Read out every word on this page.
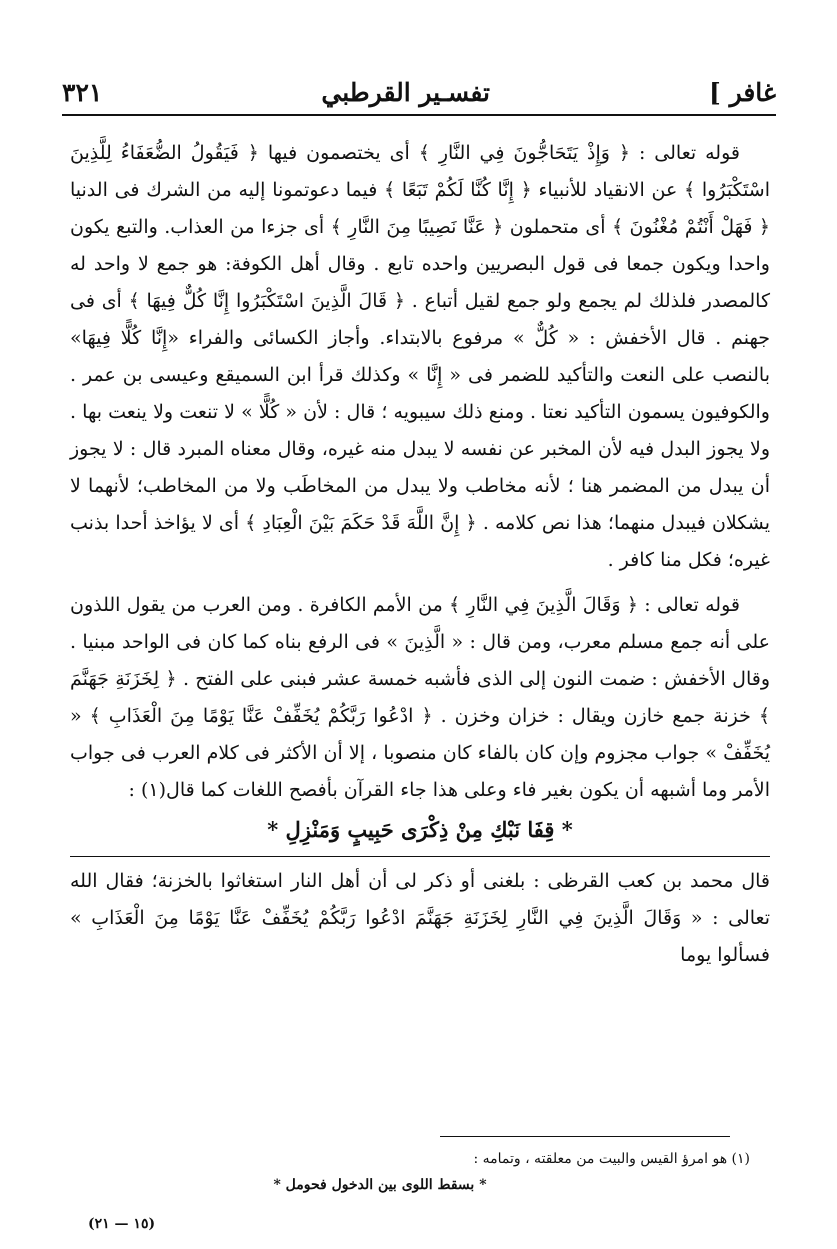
غافر ]
تفسـير القرطبي
٣٢١

قوله تعالى : ﴿ وَإِذْ يَتَحَاجُّونَ فِي النَّارِ ﴾ أى يختصمون فيها ﴿ فَيَقُولُ الضُّعَفَاءُ لِلَّذِينَ اسْتَكْبَرُوا ﴾ عن الانقياد للأنبياء ﴿ إِنَّا كُنَّا لَكُمْ تَبَعًا ﴾ فيما دعوتمونا إليه من الشرك فى الدنيا ﴿ فَهَلْ أَنْتُمْ مُغْنُونَ ﴾ أى متحملون ﴿ عَنَّا نَصِيبًا مِنَ النَّارِ ﴾ أى جزءا من العذاب. والتبع يكون واحدا ويكون جمعا فى قول البصريين واحده تابع . وقال أهل الكوفة: هو جمع لا واحد له كالمصدر فلذلك لم يجمع ولو جمع لقيل أتباع . ﴿ قَالَ الَّذِينَ اسْتَكْبَرُوا إِنَّا كُلٌّ فِيهَا ﴾ أى فى جهنم . قال الأخفش : « كُلٌّ » مرفوع بالابتداء. وأجاز الكسائى والفراء «إِنَّا كُلًّا فِيهَا» بالنصب على النعت والتأكيد للضمر فى « إِنَّا » وكذلك قرأ ابن السميقع وعيسى بن عمر . والكوفيون يسمون التأكيد نعتا . ومنع ذلك سيبويه ؛ قال : لأن « كُلًّا » لا تنعت ولا ينعت بها . ولا يجوز البدل فيه لأن المخبر عن نفسه لا يبدل منه غيره، وقال معناه المبرد قال : لا يجوز أن يبدل من المضمر هنا ؛ لأنه مخاطب ولا يبدل من المخاطَب ولا من المخاطب؛ لأنهما لا يشكلان فيبدل منهما؛ هذا نص كلامه . ﴿ إِنَّ اللَّهَ قَدْ حَكَمَ بَيْنَ الْعِبَادِ ﴾ أى لا يؤاخذ أحدا بذنب غيره؛ فكل منا كافر .

قوله تعالى : ﴿ وَقَالَ الَّذِينَ فِي النَّارِ ﴾ من الأمم الكافرة . ومن العرب من يقول اللذون على أنه جمع مسلم معرب، ومن قال : « الَّذِينَ » فى الرفع بناه كما كان فى الواحد مبنيا . وقال الأخفش : ضمت النون إلى الذى فأشبه خمسة عشر فبنى على الفتح . ﴿ لِخَزَنَةِ جَهَنَّمَ ﴾ خزنة جمع خازن ويقال : خزان وخزن . ﴿ ادْعُوا رَبَّكُمْ يُخَفِّفْ عَنَّا يَوْمًا مِنَ الْعَذَابِ ﴾ « يُخَفِّفْ » جواب مجزوم وإن كان بالفاء كان منصوبا ، إلا أن الأكثر فى كلام العرب فى جواب الأمر وما أشبهه أن يكون بغير فاء وعلى هذا جاء القرآن بأفصح اللغات كما قال(١) :

* قِفَا نَبْكِ مِنْ ذِكْرَى حَبِيبٍ وَمَنْزِلِ *

قال محمد بن كعب القرظى : بلغنى أو ذكر لى أن أهل النار استغاثوا بالخزنة؛ فقال الله تعالى : « وَقَالَ الَّذِينَ فِي النَّارِ لِخَزَنَةِ جَهَنَّمَ ادْعُوا رَبَّكُمْ يُخَفِّفْ عَنَّا يَوْمًا مِنَ الْعَذَابِ » فسألوا يوما

(١) هو امرؤ القيس والبيت من معلقته ، وتمامه :
* بسقط اللوى بين الدخول فحومل *
(١٥ — ٢١)
